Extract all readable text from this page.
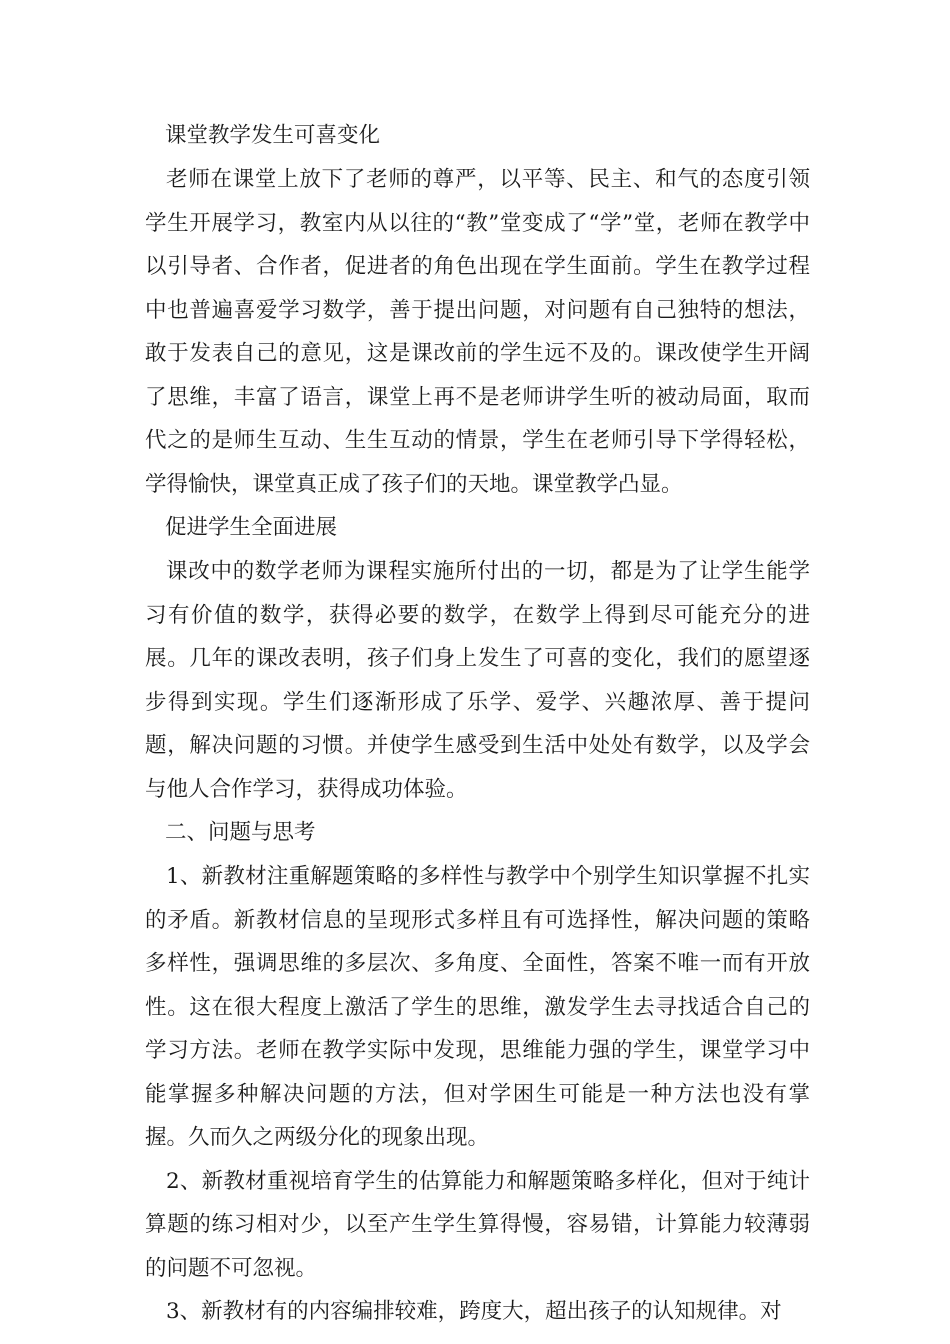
课堂教学发生可喜变化

老师在课堂上放下了老师的尊严，以平等、民主、和气的态度引领学生开展学习，教室内从以往的“教”堂变成了“学”堂，老师在教学中以引导者、合作者，促进者的角色出现在学生面前。学生在教学过程中也普遍喜爱学习数学，善于提出问题，对问题有自己独特的想法，敢于发表自己的意见，这是课改前的学生远不及的。课改使学生开阔了思维，丰富了语言，课堂上再不是老师讲学生听的被动局面，取而代之的是师生互动、生生互动的情景，学生在老师引导下学得轻松，学得愉快，课堂真正成了孩子们的天地。课堂教学凸显。

促进学生全面进展

课改中的数学老师为课程实施所付出的一切，都是为了让学生能学习有价值的数学，获得必要的数学，在数学上得到尽可能充分的进展。几年的课改表明，孩子们身上发生了可喜的变化，我们的愿望逐步得到实现。学生们逐渐形成了乐学、爱学、兴趣浓厚、善于提问题，解决问题的习惯。并使学生感受到生活中处处有数学，以及学会与他人合作学习，获得成功体验。

二、问题与思考

1、新教材注重解题策略的多样性与教学中个别学生知识掌握不扎实的矛盾。新教材信息的呈现形式多样且有可选择性，解决问题的策略多样性，强调思维的多层次、多角度、全面性，答案不唯一而有开放性。这在很大程度上激活了学生的思维，激发学生去寻找适合自己的学习方法。老师在教学实际中发现，思维能力强的学生，课堂学习中能掌握多种解决问题的方法，但对学困生可能是一种方法也没有掌握。久而久之两级分化的现象出现。

2、新教材重视培育学生的估算能力和解题策略多样化，但对于纯计算题的练习相对少，以至产生学生算得慢，容易错，计算能力较薄弱的问题不可忽视。

3、新教材有的内容编排较难，跨度大，超出孩子的认知规律。对
